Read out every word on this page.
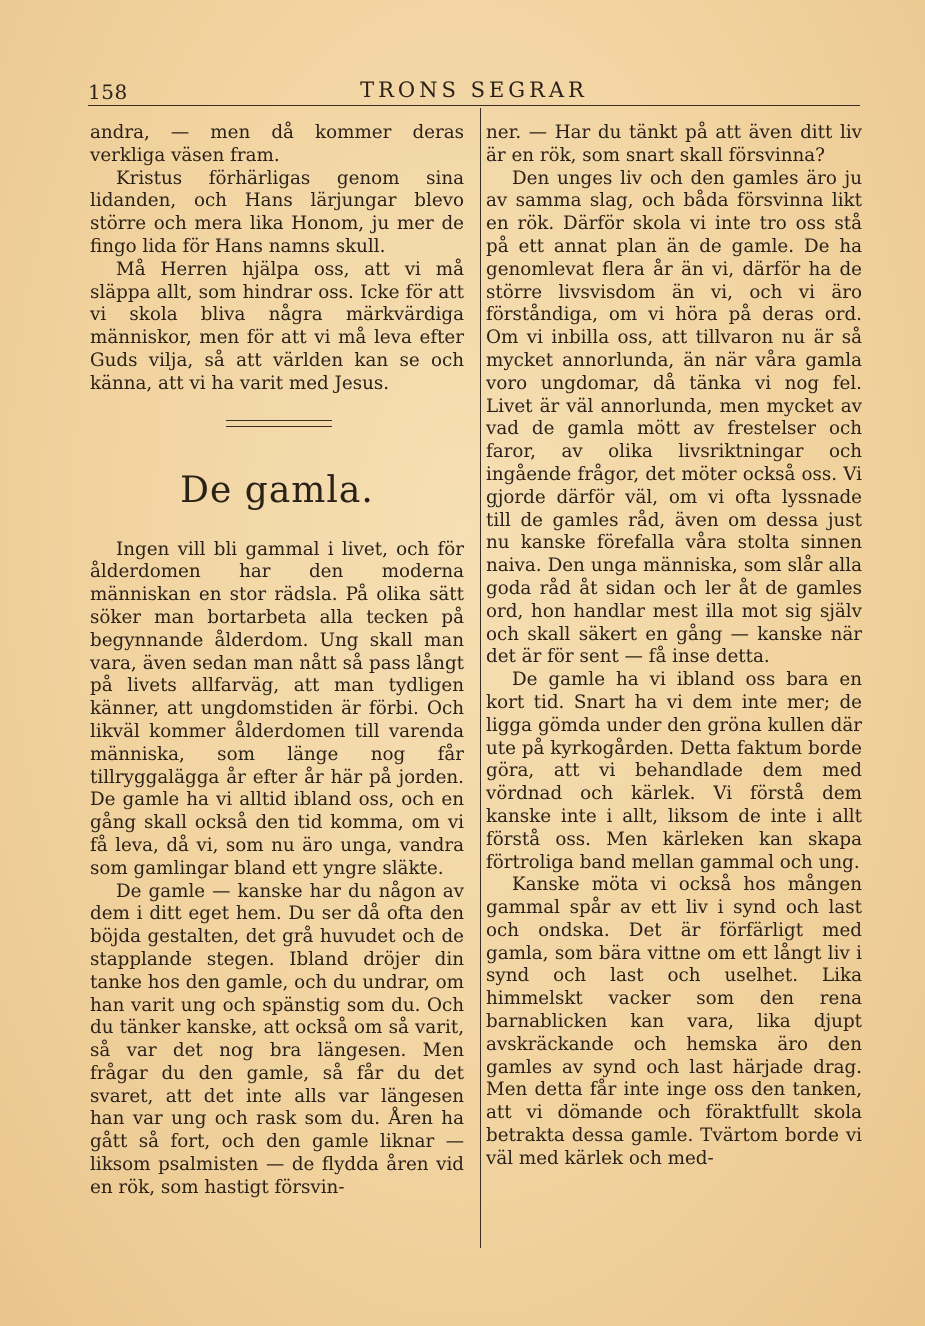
158	TRONS SEGRAR

andra, — men då kommer deras verkliga väsen fram.

Kristus förhärligas genom sina lidanden, och Hans lärjungar blevo större och mera lika Honom, ju mer de fingo lida för Hans namns skull.

Må Herren hjälpa oss, att vi må släppa allt, som hindrar oss. Icke för att vi skola bliva några märkvärdiga människor, men för att vi må leva efter Guds vilja, så att världen kan se och känna, att vi ha varit med Jesus.

De gamla.

Ingen vill bli gammal i livet, och för ålderdomen har den moderna människan en stor rädsla. På olika sätt söker man bortarbeta alla tecken på begynnande ålderdom. Ung skall man vara, även sedan man nått så pass långt på livets allfarväg, att man tydligen känner, att ungdomstiden är förbi. Och likväl kommer ålderdomen till varenda människa, som länge nog får tillryggalägga år efter år här på jorden. De gamle ha vi alltid ibland oss, och en gång skall också den tid komma, om vi få leva, då vi, som nu äro unga, vandra som gamlingar bland ett yngre släkte.

De gamle — kanske har du någon av dem i ditt eget hem. Du ser då ofta den böjda gestalten, det grå huvudet och de stapplande stegen. Ibland dröjer din tanke hos den gamle, och du undrar, om han varit ung och spänstig som du. Och du tänker kanske, att också om så varit, så var det nog bra längesen. Men frågar du den gamle, så får du det svaret, att det inte alls var längesen han var ung och rask som du. Åren ha gått så fort, och den gamle liknar — liksom psalmisten — de flydda åren vid en rök, som hastigt försvin-

ner. — Har du tänkt på att även ditt liv är en rök, som snart skall försvinna?

Den unges liv och den gamles äro ju av samma slag, och båda försvinna likt en rök. Därför skola vi inte tro oss stå på ett annat plan än de gamle. De ha genomlevat flera år än vi, därför ha de större livsvisdom än vi, och vi äro förståndiga, om vi höra på deras ord. Om vi inbilla oss, att tillvaron nu är så mycket annorlunda, än när våra gamla voro ungdomar, då tänka vi nog fel. Livet är väl annorlunda, men mycket av vad de gamla mött av frestelser och faror, av olika livsriktningar och ingående frågor, det möter också oss. Vi gjorde därför väl, om vi ofta lyssnade till de gamles råd, även om dessa just nu kanske förefalla våra stolta sinnen naiva. Den unga människa, som slår alla goda råd åt sidan och ler åt de gamles ord, hon handlar mest illa mot sig själv och skall säkert en gång — kanske när det är för sent — få inse detta.

De gamle ha vi ibland oss bara en kort tid. Snart ha vi dem inte mer; de ligga gömda under den gröna kullen där ute på kyrkogården. Detta faktum borde göra, att vi behandlade dem med vördnad och kärlek. Vi förstå dem kanske inte i allt, liksom de inte i allt förstå oss. Men kärleken kan skapa förtroliga band mellan gammal och ung.

Kanske möta vi också hos mången gammal spår av ett liv i synd och last och ondska. Det är förfärligt med gamla, som bära vittne om ett långt liv i synd och last och uselhet. Lika himmelskt vacker som den rena barnablicken kan vara, lika djupt avskräckande och hemska äro den gamles av synd och last härjade drag. Men detta får inte inge oss den tanken, att vi dömande och föraktfullt skola betrakta dessa gamle. Tvärtom borde vi väl med kärlek och med-
